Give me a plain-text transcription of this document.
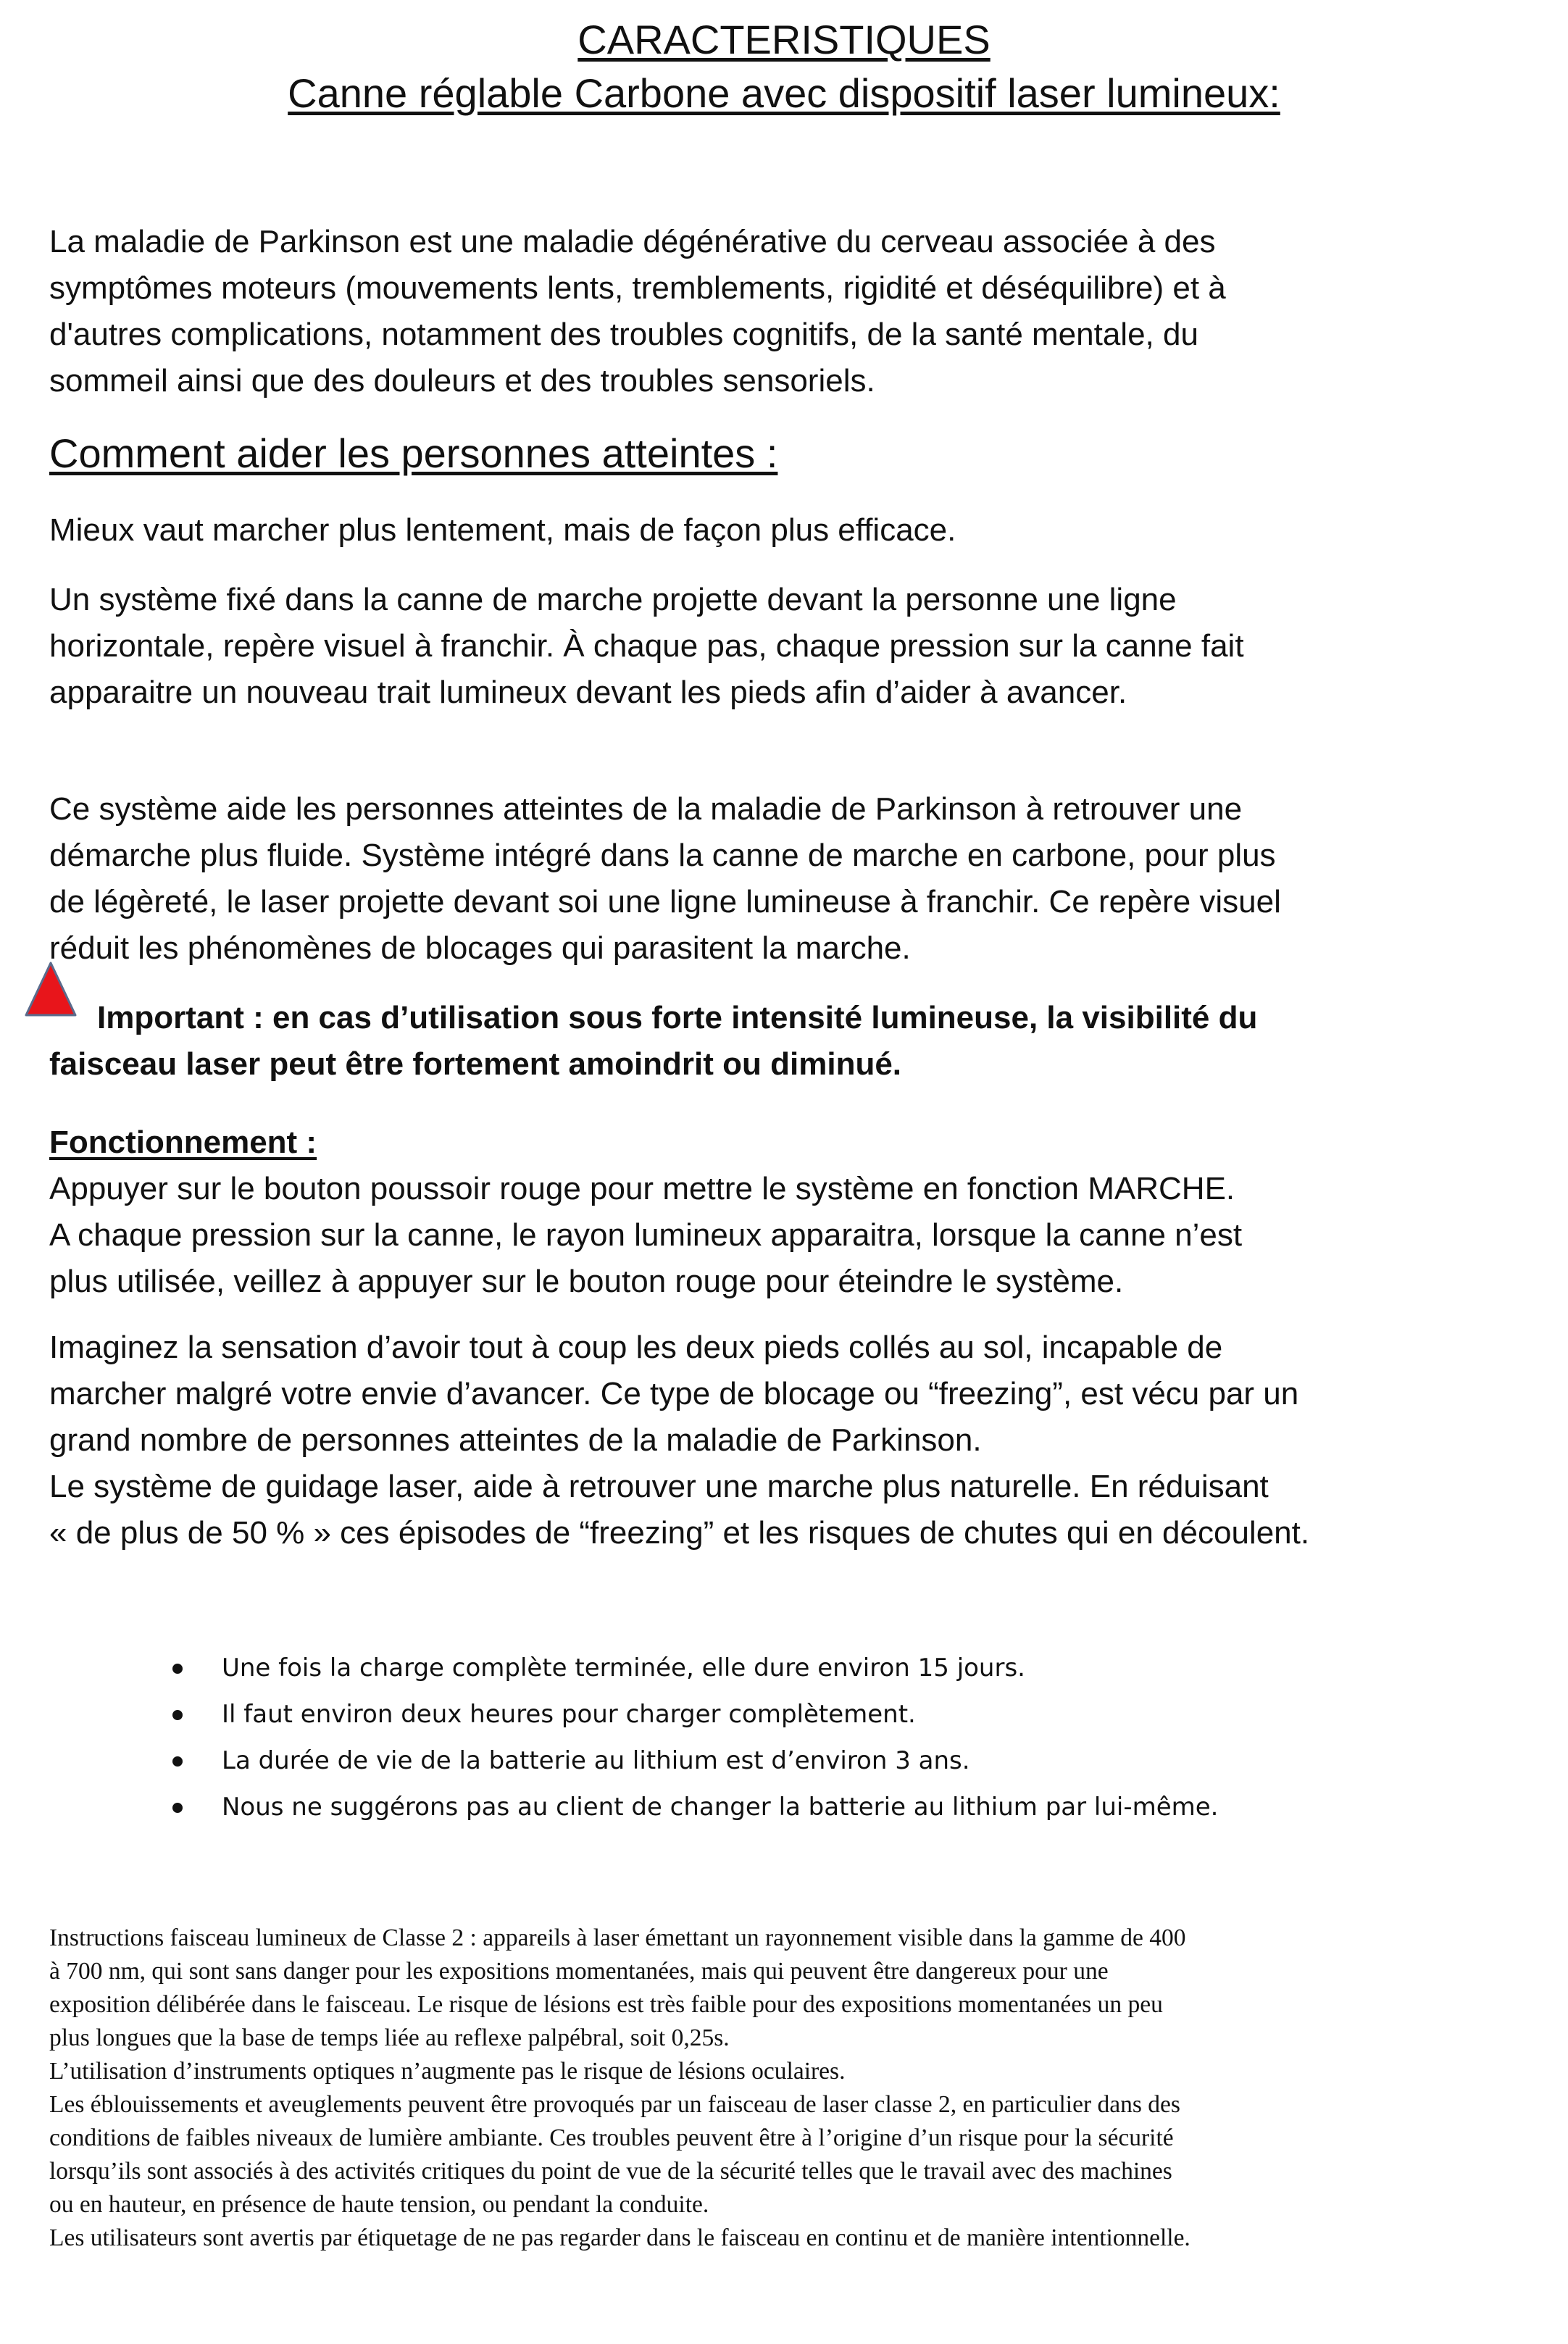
CARACTERISTIQUES
Canne réglable Carbone avec dispositif laser lumineux:

La maladie de Parkinson est une maladie dégénérative du cerveau associée à des

symptômes moteurs (mouvements lents, tremblements, rigidité et déséquilibre) et à

d'autres complications, notamment des troubles cognitifs, de la santé mentale, du

sommeil ainsi que des douleurs et des troubles sensoriels.

Comment aider les personnes atteintes :

Mieux vaut marcher plus lentement, mais de façon plus efficace.

Un système fixé dans la canne de marche projette devant la personne une ligne

horizontale, repère visuel à franchir. À chaque pas, chaque pression sur la canne fait

apparaitre un nouveau trait lumineux devant les pieds afin d’aider à avancer.

Ce système aide les personnes atteintes de la maladie de Parkinson à retrouver une

démarche plus fluide. Système intégré dans la canne de marche en carbone, pour plus

de légèreté, le laser projette devant soi une ligne lumineuse à franchir. Ce repère visuel

réduit les phénomènes de blocages qui parasitent la marche.

Important : en cas d’utilisation sous forte intensité lumineuse, la visibilité du

faisceau laser peut être fortement amoindrit ou diminué.

Fonctionnement :

Appuyer sur le bouton poussoir rouge pour mettre le système en fonction MARCHE.

A chaque pression sur la canne, le rayon lumineux apparaitra, lorsque la canne n’est

plus utilisée, veillez à appuyer sur le bouton rouge pour éteindre le système.

Imaginez la sensation d’avoir tout à coup les deux pieds collés au sol, incapable de

marcher malgré votre envie d’avancer. Ce type de blocage ou “freezing”, est vécu par un

grand nombre de personnes atteintes de la maladie de Parkinson.

Le système de guidage laser, aide à retrouver une marche plus naturelle. En réduisant

« de plus de 50 % » ces épisodes de “freezing” et les risques de chutes qui en découlent.

Une fois la charge complète terminée, elle dure environ 15 jours.
Il faut environ deux heures pour charger complètement.
La durée de vie de la batterie au lithium est d’environ 3 ans.
Nous ne suggérons pas au client de changer la batterie au lithium par lui-même.

Instructions faisceau lumineux de Classe 2 : appareils à laser émettant un rayonnement visible dans la gamme de 400

à 700 nm, qui sont sans danger pour les expositions momentanées, mais qui peuvent être dangereux pour une

exposition délibérée dans le faisceau. Le risque de lésions est très faible pour des expositions momentanées un peu

plus longues que la base de temps liée au reflexe palpébral, soit 0,25s.

L’utilisation d’instruments optiques n’augmente pas le risque de lésions oculaires.

Les éblouissements et aveuglements peuvent être provoqués par un faisceau de laser classe 2, en particulier dans des

conditions de faibles niveaux de lumière ambiante. Ces troubles peuvent être à l’origine d’un risque pour la sécurité

lorsqu’ils sont associés à des activités critiques du point de vue de la sécurité telles que le travail avec des machines

ou en hauteur, en présence de haute tension, ou pendant la conduite.

Les utilisateurs sont avertis par étiquetage de ne pas regarder dans le faisceau en continu et de manière intentionnelle.
